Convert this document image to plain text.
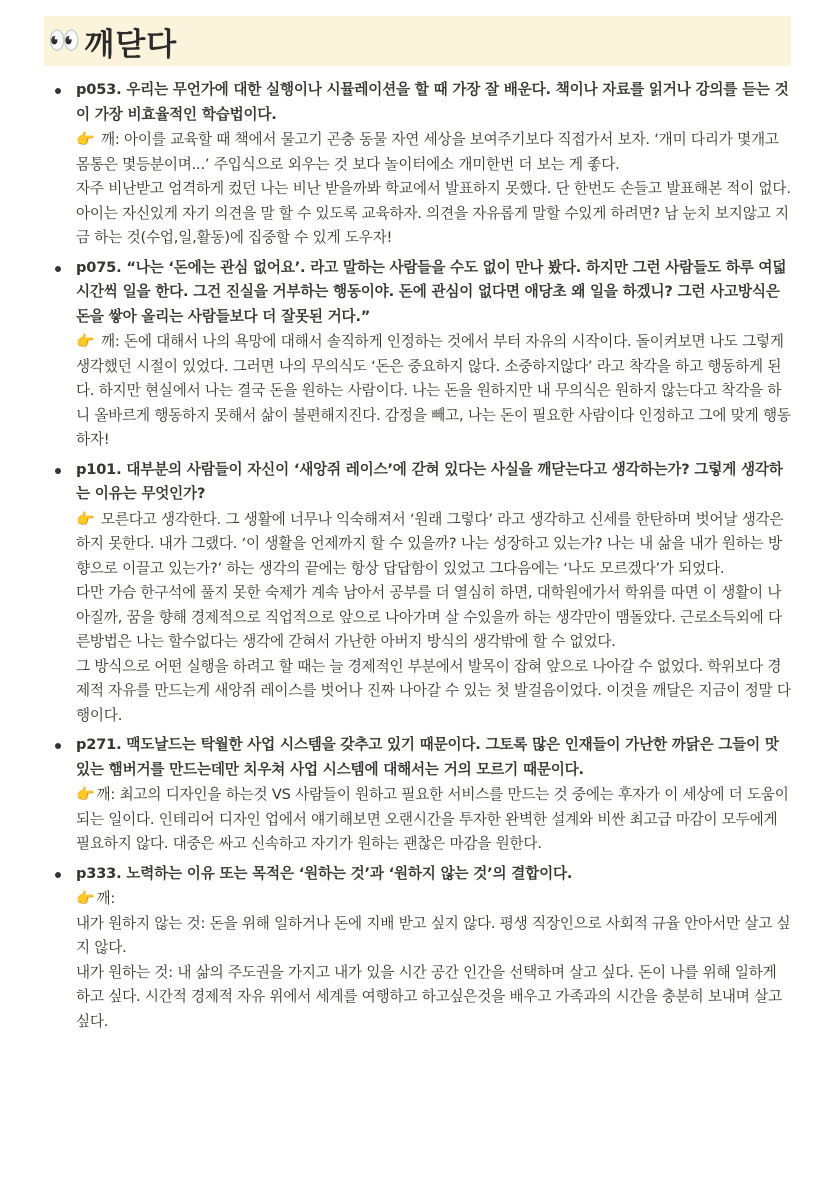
👀 깨닫다
p053. 우리는 무언가에 대한 실행이나 시뮬레이션을 할 때 가장 잘 배운다. 책이나 자료를 읽거나 강의를 듣는 것이 가장 비효율적인 학습법이다.
👉 깨: 아이를 교육할 때 책에서 물고기 곤충 동물 자연 세상을 보여주기보다 직접가서 보자. ‘개미 다리가 몇개고 몸통은 몇등분이며...’ 주입식으로 외우는 것 보다 놀이터에소 개미한번 더 보는 게 좋다.
자주 비난받고 엄격하게 컸던 나는 비난 받을까봐 학교에서 발표하지 못했다. 단 한번도 손들고 발표해본 적이 없다. 아이는 자신있게 자기 의견을 말 할 수 있도록 교육하자. 의견을 자유롭게 말할 수있게 하려면? 남 눈치 보지않고 지금 하는 것(수업,일,활동)에 집중할 수 있게 도우자!
p075. “나는 ‘돈에는 관심 없어요’. 라고 말하는 사람들을 수도 없이 만나 봤다. 하지만 그런 사람들도 하루 여덟 시간씩 일을 한다. 그건 진실을 거부하는 행동이야. 돈에 관심이 없다면 애당초 왜 일을 하겠니? 그런 사고방식은 돈을 쌓아 올리는 사람들보다 더 잘못된 거다.”
👉 깨: 돈에 대해서 나의 욕망에 대해서 솔직하게 인정하는 것에서 부터 자유의 시작이다. 돌이켜보면 나도 그렇게 생각했던 시절이 있었다. 그러면 나의 무의식도 ‘돈은 중요하지 않다. 소중하지않다’ 라고 착각을 하고 행동하게 된다. 하지만 현실에서 나는 결국 돈을 원하는 사람이다. 나는 돈을 원하지만 내 무의식은 원하지 않는다고 착각을 하니 올바르게 행동하지 못해서 삶이 불편해지진다. 감정을 빼고, 나는 돈이 필요한 사람이다 인정하고 그에 맞게 행동하자!
p101. 대부분의 사람들이 자신이 ‘새앙쥐 레이스’에 갇혀 있다는 사실을 깨닫는다고 생각하는가? 그렇게 생각하는 이유는 무엇인가?
👉 모른다고 생각한다. 그 생활에 너무나 익숙해져서 ‘원래 그렇다’ 라고 생각하고 신세를 한탄하며 벗어날 생각은 하지 못한다. 내가 그랬다. ‘이 생활을 언제까지 할 수 있을까? 나는 성장하고 있는가? 나는 내 삶을 내가 원하는 방향으로 이끌고 있는가?’ 하는 생각의 끝에는 항상 답답함이 있었고 그다음에는 ‘나도 모르겠다’가 되었다.
다만 가슴 한구석에 풀지 못한 숙제가 계속 남아서 공부를 더 열심히 하면, 대학원에가서 학위를 따면 이 생활이 나아질까, 꿈을 향해 경제적으로 직업적으로 앞으로 나아가며 살 수있을까 하는 생각만이 맴돌았다. 근로소득외에 다른방법은 나는 할수없다는 생각에 갇혀서 가난한 아버지 방식의 생각밖에 할 수 없었다.
그 방식으로 어떤 실행을 하려고 할 때는 늘 경제적인 부분에서 발목이 잡혀 앞으로 나아갈 수 없었다. 학위보다 경제적 자유를 만드는게 새앙쥐 레이스를 벗어나 진짜 나아갈 수 있는 첫 발걸음이었다. 이것을 깨달은 지금이 정말 다행이다.
p271. 맥도날드는 탁월한 사업 시스템을 갖추고 있기 때문이다. 그토록 많은 인재들이 가난한 까닭은 그들이 맛있는 햄버거를 만드는데만 치우쳐 사업 시스템에 대해서는 거의 모르기 때문이다.
👉 깨: 최고의 디자인을 하는것 VS 사람들이 원하고 필요한 서비스를 만드는 것 중에는 후자가 이 세상에 더 도움이 되는 일이다. 인테리어 디자인 업에서 얘기해보면 오랜시간을 투자한 완벽한 설계와 비싼 최고급 마감이 모두에게 필요하지 않다. 대중은 싸고 신속하고 자기가 원하는 괜찮은 마감을 원한다.
p333. 노력하는 이유 또는 목적은 ‘원하는 것’과 ‘원하지 않는 것’의 결합이다.
👉 깨:
내가 원하지 않는 것: 돈을 위해 일하거나 돈에 지배 받고 싶지 않다. 평생 직장인으로 사회적 규율 안아서만 살고 싶지 않다.
내가 원하는 것: 내 삶의 주도권을 가지고 내가 있을 시간 공간 인간을 선택하며 살고 싶다. 돈이 나를 위해 일하게 하고 싶다. 시간적 경제적 자유 위에서 세계를 여행하고 하고싶은것을 배우고 가족과의 시간을 충분히 보내며 살고 싶다.
